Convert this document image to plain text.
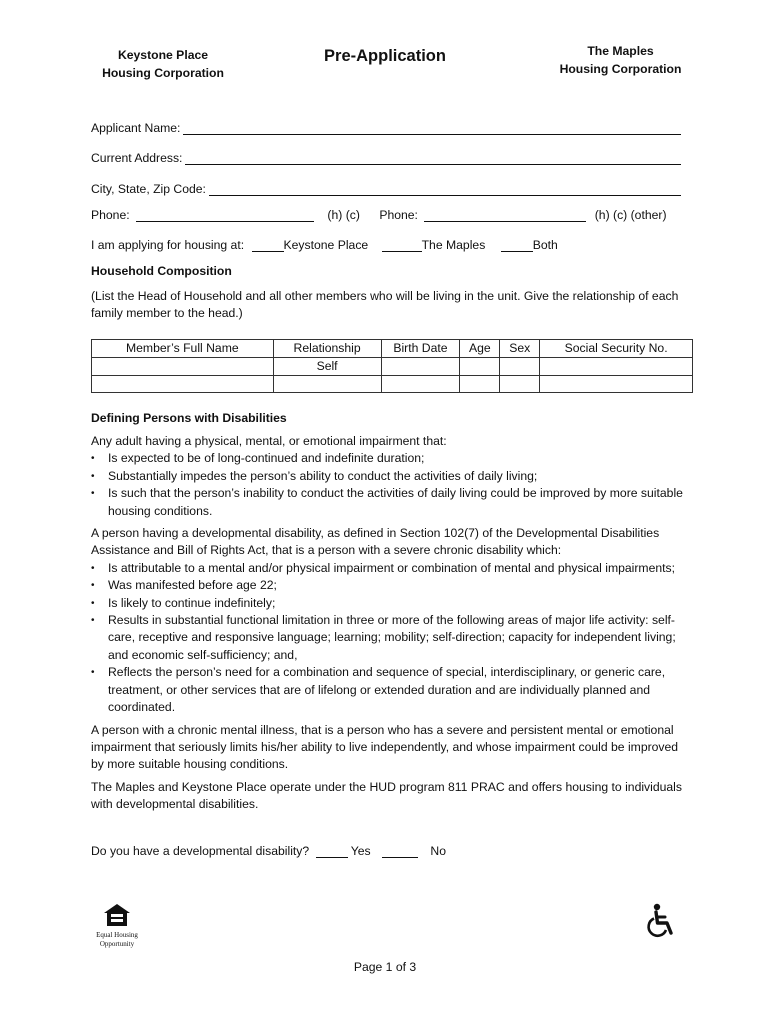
Keystone Place
Housing Corporation
Pre-Application	The Maples
Housing Corporation
Applicant Name:
Current Address:
City, State, Zip Code:
Phone:	(h) (c) Phone:	(h) (c) (other)
I am applying for housing at:	Keystone Place	The Maples	Both
Household Composition
(List the Head of Household and all other members who will be living in the unit. Give the relationship of each family member to the head.)
Member’s Full Name	Relationship	Birth Date	Age	Sex	Social Security No.
	Self				

Defining Persons with Disabilities
Any adult having a physical, mental, or emotional impairment that:
• Is expected to be of long-continued and indefinite duration;
• Substantially impedes the person’s ability to conduct the activities of daily living;
• Is such that the person’s inability to conduct the activities of daily living could be improved by more suitable housing conditions.
A person having a developmental disability, as defined in Section 102(7) of the Developmental Disabilities Assistance and Bill of Rights Act, that is a person with a severe chronic disability which:
• Is attributable to a mental and/or physical impairment or combination of mental and physical impairments;
• Was manifested before age 22;
• Is likely to continue indefinitely;
• Results in substantial functional limitation in three or more of the following areas of major life activity: self-care, receptive and responsive language; learning; mobility; self-direction; capacity for independent living; and economic self-sufficiency; and,
• Reflects the person’s need for a combination and sequence of special, interdisciplinary, or generic care, treatment, or other services that are of lifelong or extended duration and are individually planned and coordinated.
A person with a chronic mental illness, that is a person who has a severe and persistent mental or emotional impairment that seriously limits his/her ability to live independently, and whose impairment could be improved by more suitable housing conditions.
The Maples and Keystone Place operate under the HUD program 811 PRAC and offers housing to individuals with developmental disabilities.
Do you have a developmental disability?	Yes	No
Equal Housing
Opportunity
Page 1 of 3
